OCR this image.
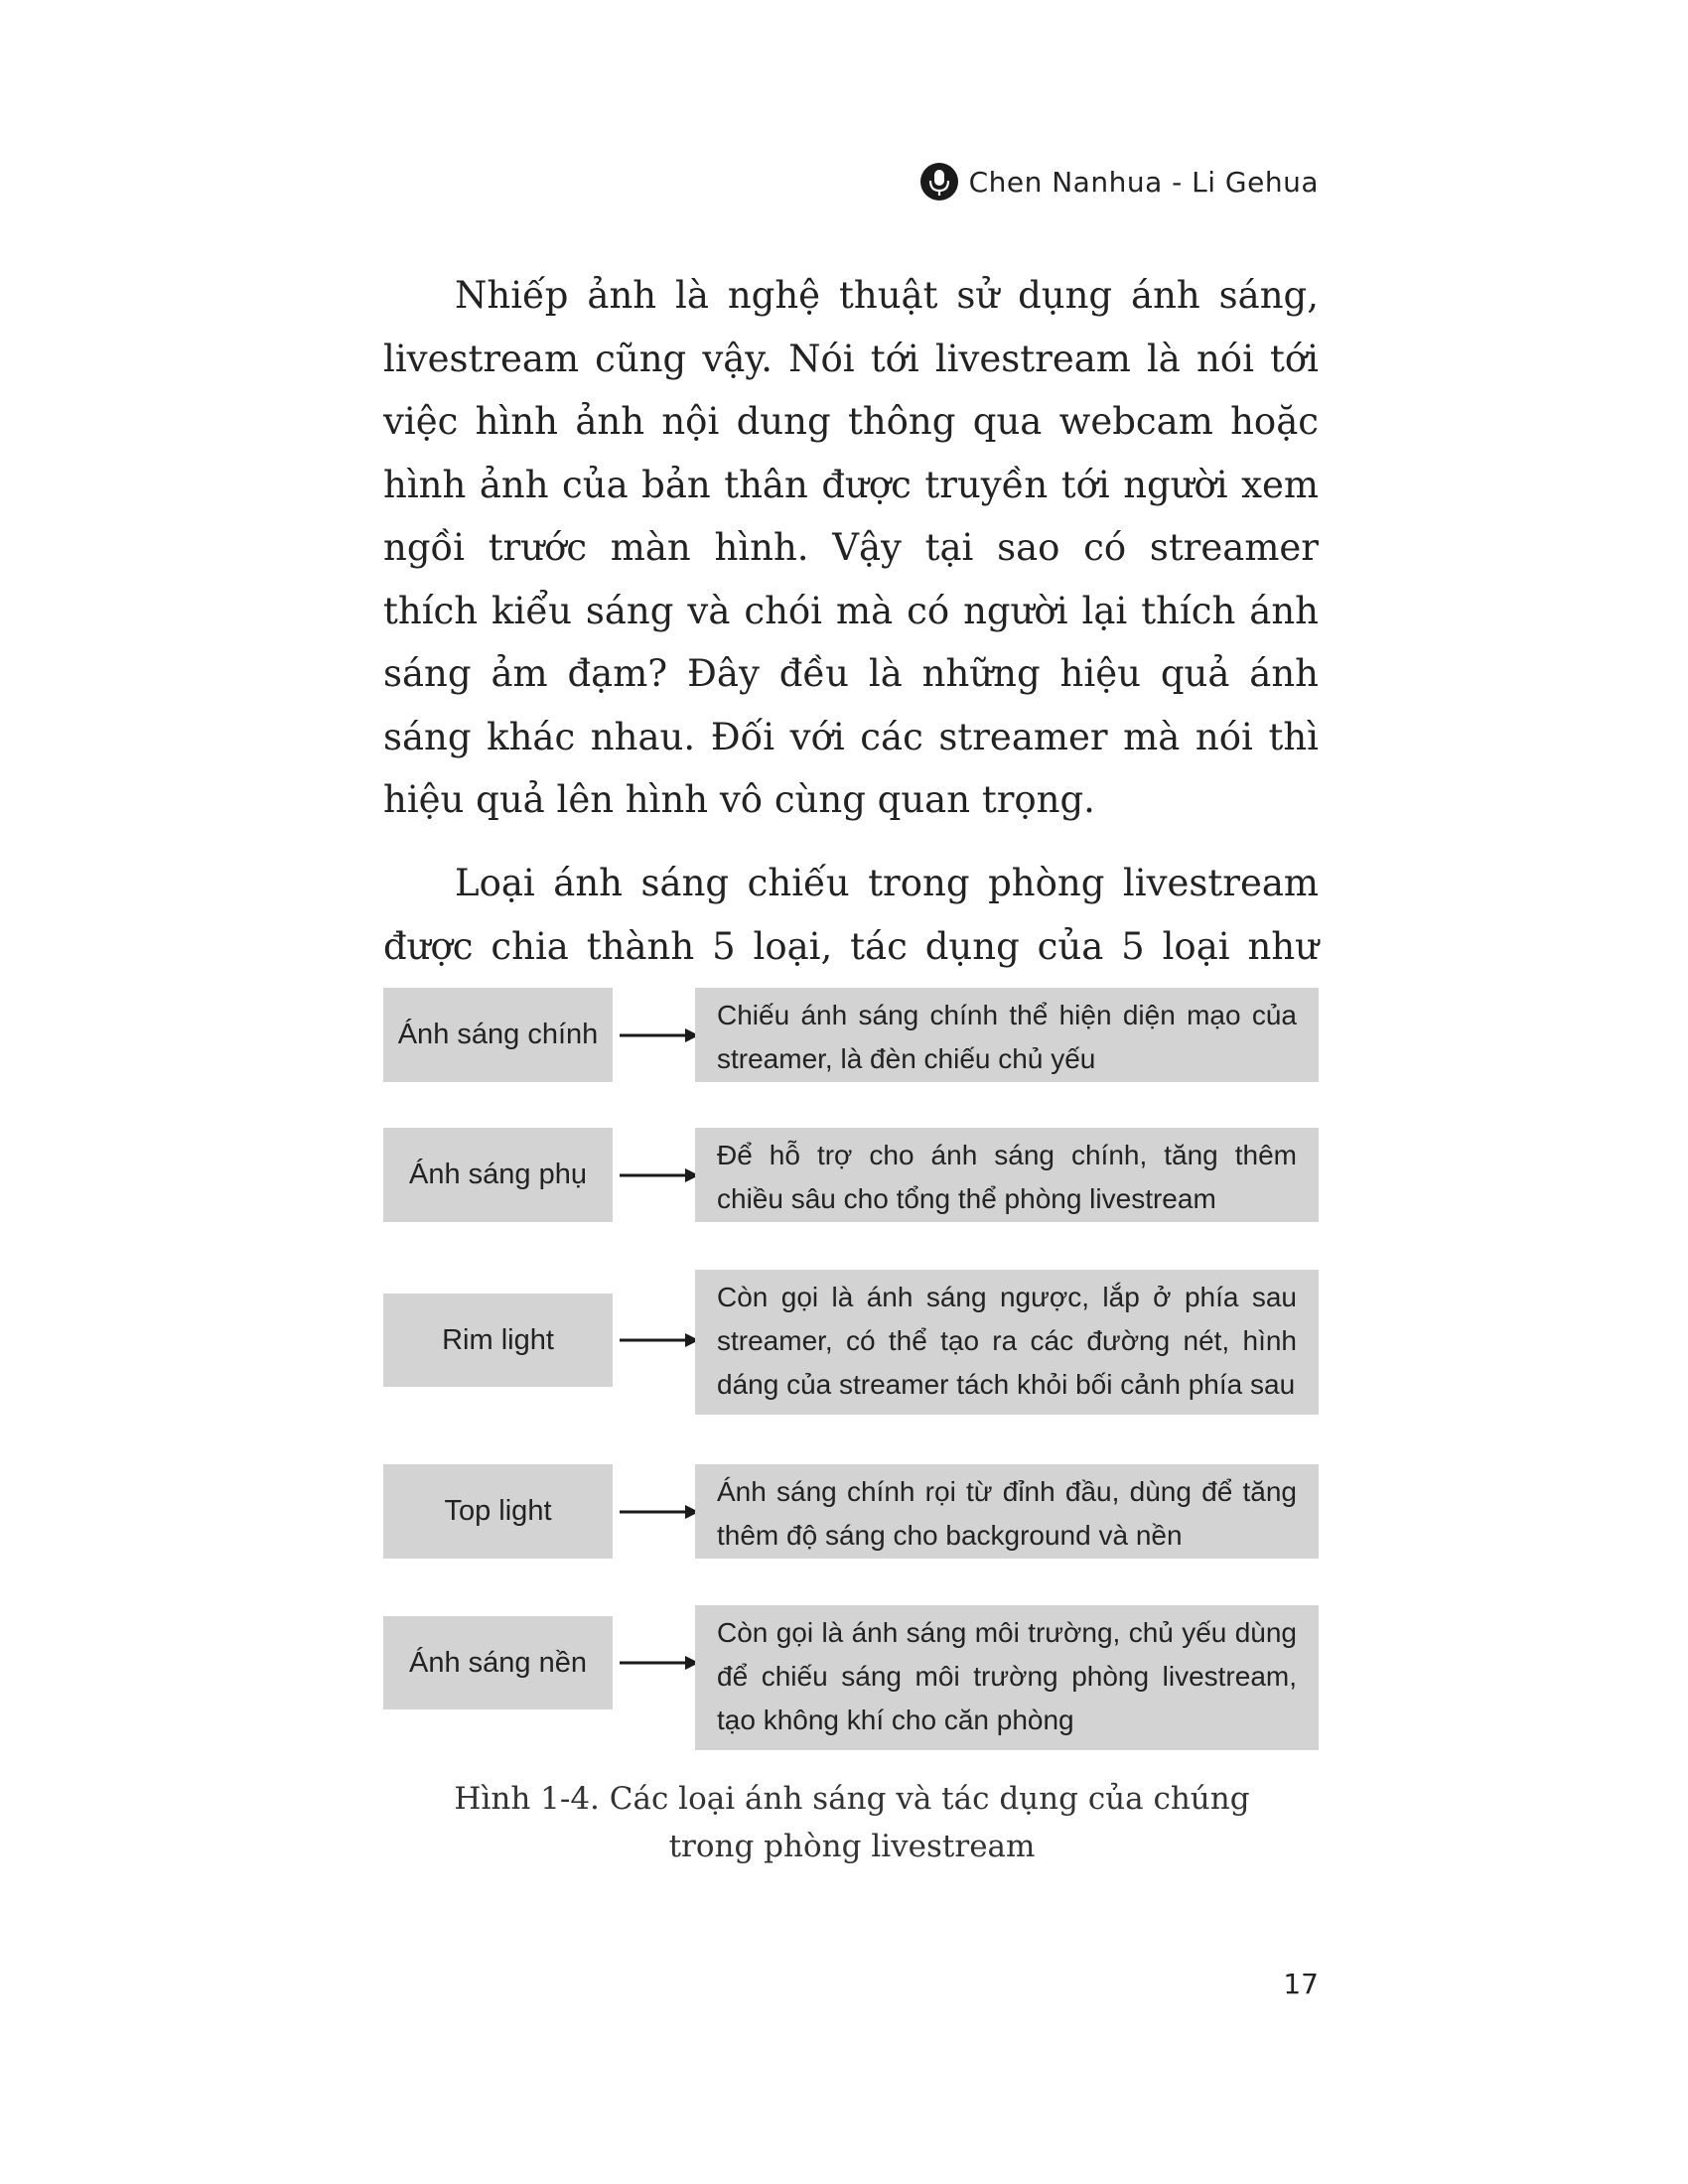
Chen Nanhua - Li Gehua

Nhiếp ảnh là nghệ thuật sử dụng ánh sáng, livestream cũng vậy. Nói tới livestream là nói tới việc hình ảnh nội dung thông qua webcam hoặc hình ảnh của bản thân được truyền tới người xem ngồi trước màn hình. Vậy tại sao có streamer thích kiểu sáng và chói mà có người lại thích ánh sáng ảm đạm? Đây đều là những hiệu quả ánh sáng khác nhau. Đối với các streamer mà nói thì hiệu quả lên hình vô cùng quan trọng.

Loại ánh sáng chiếu trong phòng livestream được chia thành 5 loại, tác dụng của 5 loại như

Ánh sáng chính
Chiếu ánh sáng chính thể hiện diện mạo của streamer, là đèn chiếu chủ yếu
Ánh sáng phụ
Để hỗ trợ cho ánh sáng chính, tăng thêm chiều sâu cho tổng thể phòng livestream
Rim light
Còn gọi là ánh sáng ngược, lắp ở phía sau streamer, có thể tạo ra các đường nét, hình dáng của streamer tách khỏi bối cảnh phía sau
Top light
Ánh sáng chính rọi từ đỉnh đầu, dùng để tăng thêm độ sáng cho background và nền
Ánh sáng nền
Còn gọi là ánh sáng môi trường, chủ yếu dùng để chiếu sáng môi trường phòng livestream, tạo không khí cho căn phòng

Hình 1-4. Các loại ánh sáng và tác dụng của chúng
trong phòng livestream

17
